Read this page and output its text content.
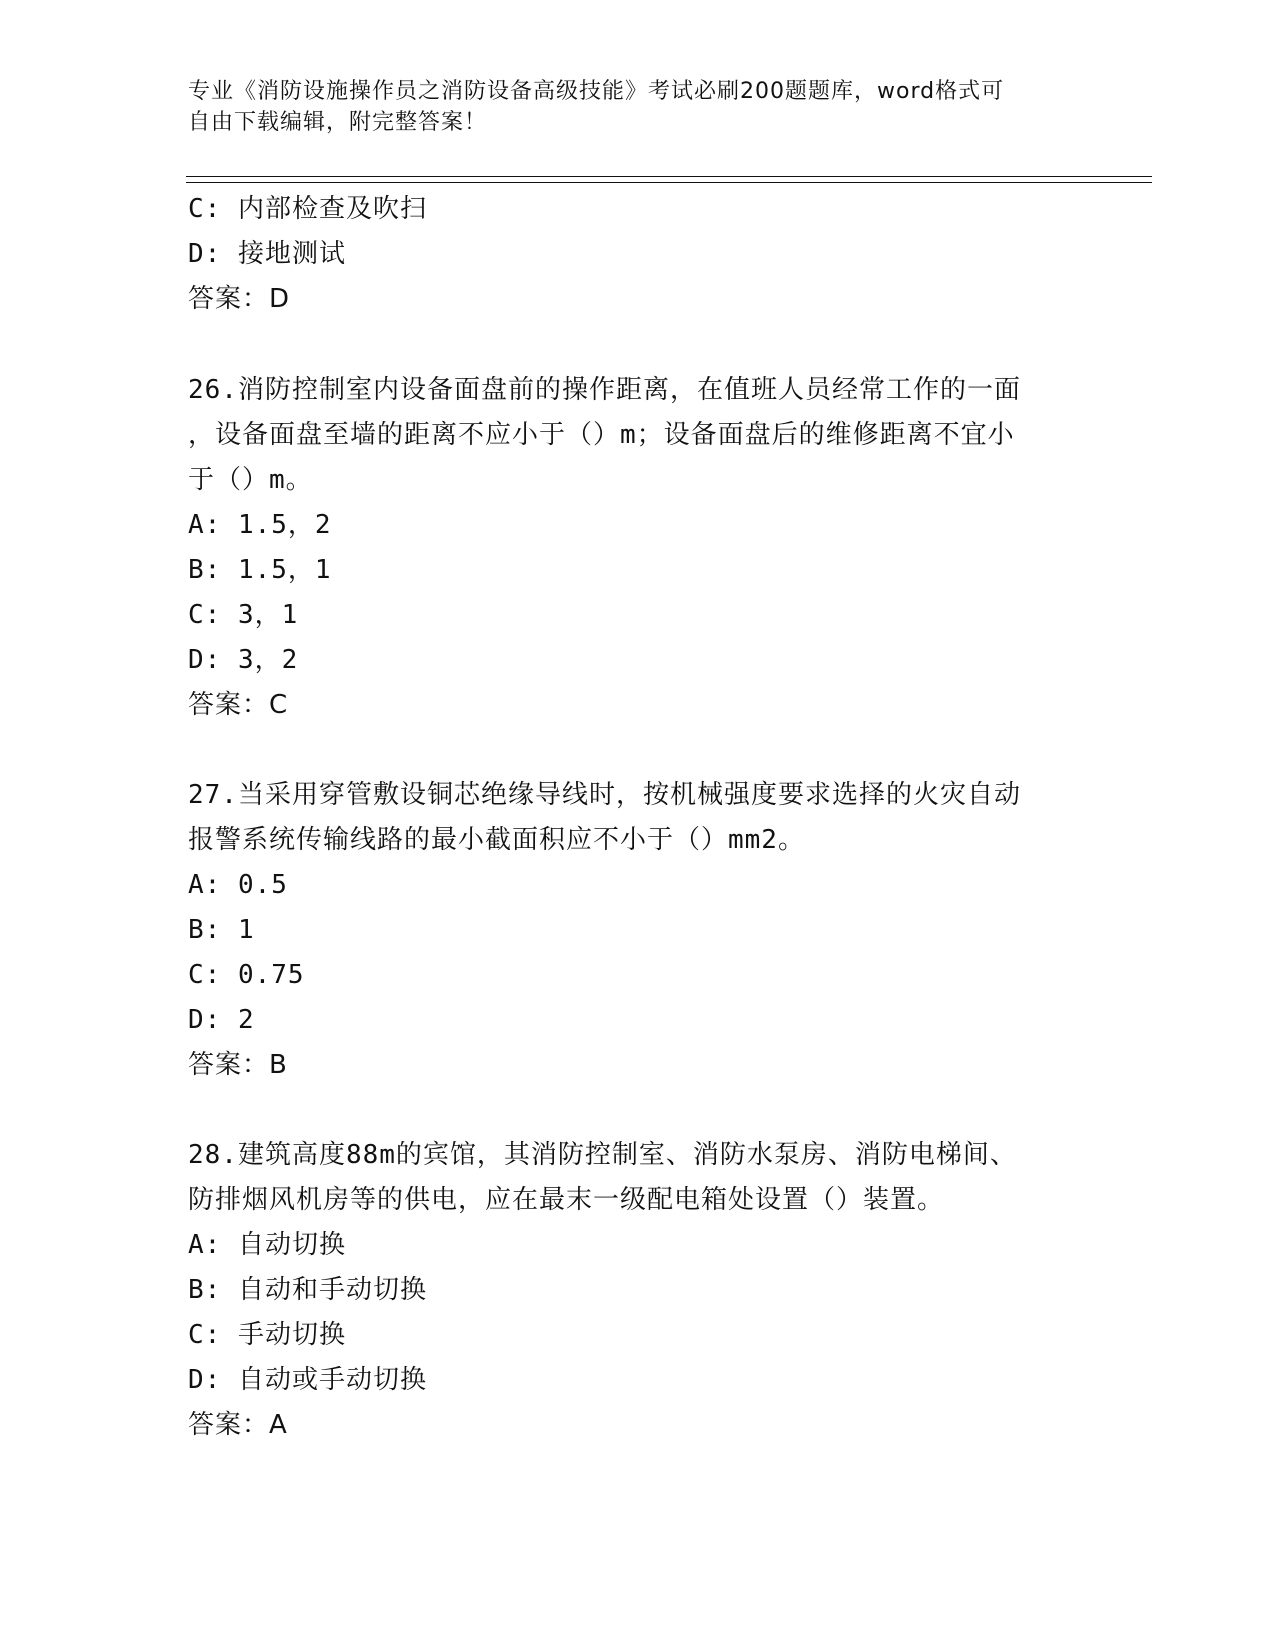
专业《消防设施操作员之消防设备高级技能》考试必刷200题题库，word格式可
自由下载编辑，附完整答案！
C: 内部检查及吹扫
D: 接地测试
答案：D
26.消防控制室内设备面盘前的操作距离，在值班人员经常工作的一面
，设备面盘至墙的距离不应小于（）m；设备面盘后的维修距离不宜小
于（）m。
A: 1.5，2
B: 1.5，1
C: 3，1
D: 3，2
答案：C
27.当采用穿管敷设铜芯绝缘导线时，按机械强度要求选择的火灾自动
报警系统传输线路的最小截面积应不小于（）mm2。
A: 0.5
B: 1
C: 0.75
D: 2
答案：B
28.建筑高度88m的宾馆，其消防控制室、消防水泵房、消防电梯间、
防排烟风机房等的供电，应在最末一级配电箱处设置（）装置。
A: 自动切换
B: 自动和手动切换
C: 手动切换
D: 自动或手动切换
答案：A
